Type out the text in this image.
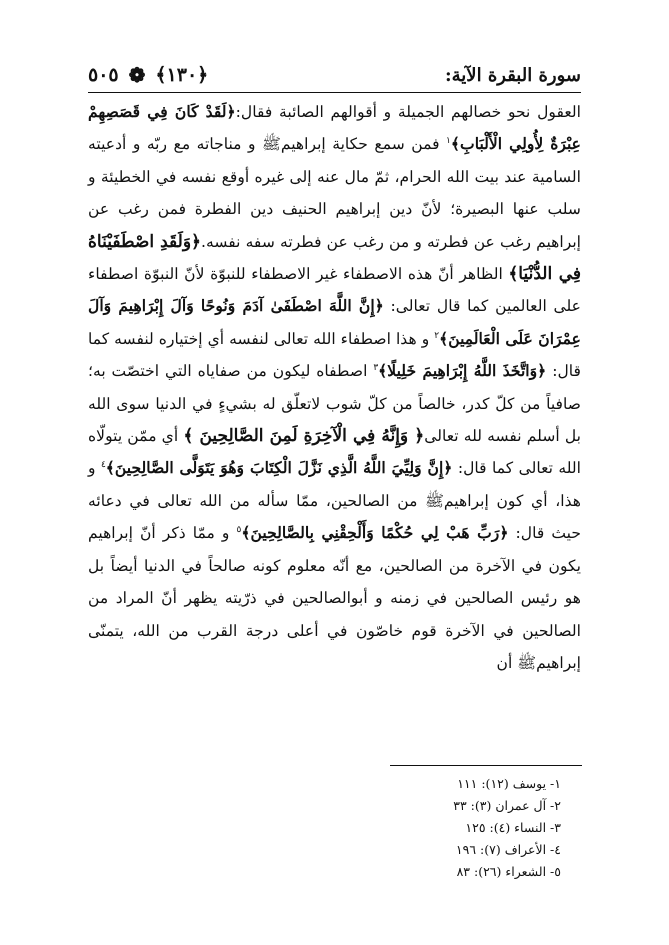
سورة البقرة الآية:
﴿١٣٠﴾
❁
٥٠٥

العقول نحو خصالهم الجميلة و أقوالهم الصائبة فقال:﴿لَقَدْ كَانَ فِي قَصَصِهِمْ عِبْرَةٌ لِأُولِي الْأَلْبَابِ﴾$^١$ فمن سمع حكاية إبراهيمﷺ و مناجاته مع ربّه و أدعيته السامية عند بيت الله الحرام، ثمّ مال عنه إلى غيره أوقع نفسه في الخطيئة و سلب عنها البصيرة؛ لأنّ دين إبراهيم الحنيف دين الفطرة فمن رغب عن إبراهيم رغب عن فطرته و من رغب عن فطرته سفه نفسه.﴿وَلَقَدِ اصْطَفَيْنَاهُ فِي الدُّنْيَا﴾ الظاهر أنّ هذه الاصطفاء غير الاصطفاء للنبوّة لأنّ النبوّة اصطفاء على العالمين كما قال تعالى: ﴿إِنَّ اللَّهَ اصْطَفَىٰ آدَمَ وَنُوحًا وَآلَ إِبْرَاهِيمَ وَآلَ عِمْرَانَ عَلَى الْعَالَمِينَ﴾$^٢$ و هذا اصطفاء الله تعالى لنفسه أي إختياره لنفسه كما قال: ﴿وَاتَّخَذَ اللَّهُ إِبْرَاهِيمَ خَلِيلًا﴾$^٣$ اصطفاه ليكون من صفاياه التي اختصّت به؛ صافياً من كلّ كدر، خالصاً من كلّ شوب لاتعلّق له بشيءٍ في الدنيا سوى الله بل أسلم نفسه لله تعالى﴿ وَإِنَّهُ فِي الْآخِرَةِ لَمِنَ الصَّالِحِينَ ﴾ أي ممّن يتولّاه الله تعالى كما قال: ﴿إِنَّ وَلِيِّيَ اللَّهُ الَّذِي نَزَّلَ الْكِتَابَ وَهُوَ يَتَوَلَّى الصَّالِحِينَ﴾$^٤$ و هذا، أي كون إبراهيمﷺ من الصالحين، ممّا سأله من الله تعالى في دعائه حيث قال: ﴿رَبِّ هَبْ لِي حُكْمًا وَأَلْحِقْنِي بِالصَّالِحِينَ﴾$^٥$ و ممّا ذكر أنّ إبراهيم يكون في الآخرة من الصالحين، مع أنّه معلوم كونه صالحاً في الدنيا أيضاً بل هو رئيس الصالحين في زمنه و أبوالصالحين في ذرّيته يظهر أنّ المراد من الصالحين في الآخرة قوم خاصّون في أعلى درجة القرب من الله، يتمنّى إبراهيمﷺ أن

١- يوسف (١٢): ١١١
٢- آل عمران (٣): ٣٣
٣- النساء (٤): ١٢٥
٤- الأعراف (٧): ١٩٦
٥- الشعراء (٢٦): ٨٣
